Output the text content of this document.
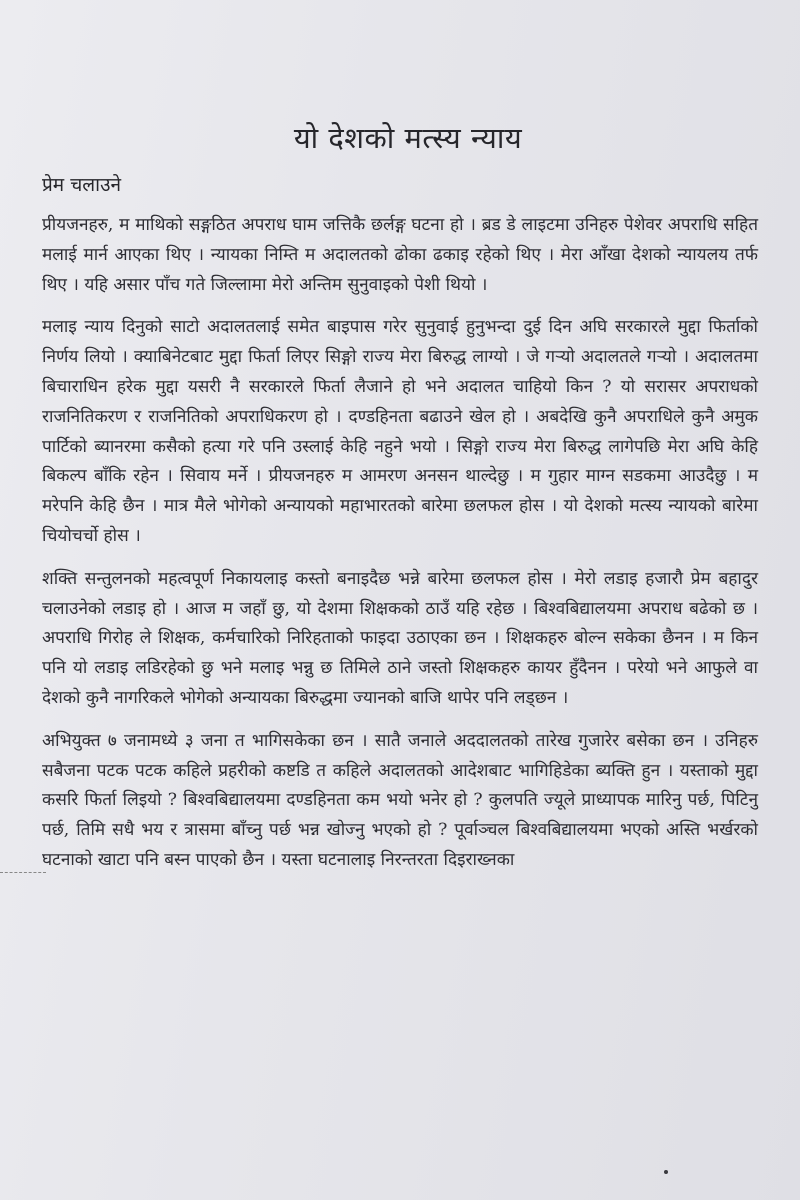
यो देशको मत्स्य न्याय
प्रेम चलाउने

प्रीयजनहरु, म माथिको सङ्गठित अपराध घाम जत्तिकै छर्लङ्ग घटना हो । ब्रड डे लाइटमा उनिहरु पेशेवर अपराधि सहित मलाई मार्न आएका थिए । न्यायका निम्ति म अदालतको ढोका ढकाइ रहेको थिए । मेरा आँखा देशको न्यायलय तर्फ थिए । यहि असार पाँच गते जिल्लामा मेरो अन्तिम सुनुवाइको पेशी थियो ।

मलाइ न्याय दिनुको साटो अदालतलाई समेत बाइपास गरेर सुनुवाई हुनुभन्दा दुई दिन अघि सरकारले मुद्दा फिर्ताको निर्णय लियो । क्याबिनेटबाट मुद्दा फिर्ता लिएर सिङ्गो राज्य मेरा बिरुद्ध लाग्यो । जे गर्‍यो अदालतले गर्‍यो । अदालतमा बिचाराधिन हरेक मुद्दा यसरी नै सरकारले फिर्ता लैजाने हो भने अदालत चाहियो किन ? यो सरासर अपराधको राजनितिकरण र राजनितिको अपराधिकरण हो । दण्डहिनता बढाउने खेल हो । अबदेखि कुनै अपराधिले कुनै अमुक पार्टिको ब्यानरमा कसैको हत्या गरे पनि उस्लाई केहि नहुने भयो । सिङ्गो राज्य मेरा बिरुद्ध लागेपछि मेरा अघि केहि बिकल्प बाँकि रहेन । सिवाय मर्ने । प्रीयजनहरु म आमरण अनसन थाल्देछु । म गुहार माग्न सडकमा आउदैछु । म मरेपनि केहि छैन । मात्र मैले भोगेको अन्यायको महाभारतको बारेमा छलफल होस । यो देशको मत्स्य न्यायको बारेमा चियोचर्चो होस ।

शक्ति सन्तुलनको महत्वपूर्ण निकायलाइ कस्तो बनाइदैछ भन्ने बारेमा छलफल होस । मेरो लडाइ हजारौ प्रेम बहादुर चलाउनेको लडाइ हो । आज म जहाँ छु, यो देशमा शिक्षकको ठाउँ यहि रहेछ । बिश्वबिद्यालयमा अपराध बढेको छ । अपराधि गिरोह ले शिक्षक, कर्मचारिको निरिहताको फाइदा उठाएका छन । शिक्षकहरु बोल्न सकेका छैनन । म किन पनि यो लडाइ लडिरहेको छु भने मलाइ भन्नु छ तिमिले ठाने जस्तो शिक्षकहरु कायर हुँदैनन । परेयो भने आफुले वा देशको कुनै नागरिकले भोगेको अन्यायका बिरुद्धमा ज्यानको बाजि थापेर पनि लड्छन ।

अभियुक्त ७ जनामध्ये ३ जना त भागिसकेका छन । सातै जनाले अददालतको तारेख गुजारेर बसेका छन । उनिहरु सबैजना पटक पटक कहिले प्रहरीको कष्टडि त कहिले अदालतको आदेशबाट भागिहिडेका ब्यक्ति हुन । यस्ताको मुद्दा कसरि फिर्ता लिइयो ? बिश्वबिद्यालयमा दण्डहिनता कम भयो भनेर हो ? कुलपति ज्यूले प्राध्यापक मारिनु पर्छ, पिटिनु पर्छ, तिमि सधै भय र त्रासमा बाँच्नु पर्छ भन्न खोज्नु भएको हो ? पूर्वाञ्चल बिश्वबिद्यालयमा भएको अस्ति भर्खरको घटनाको खाटा पनि बस्न पाएको छैन । यस्ता घटनालाइ निरन्तरता दिइराख्नका
